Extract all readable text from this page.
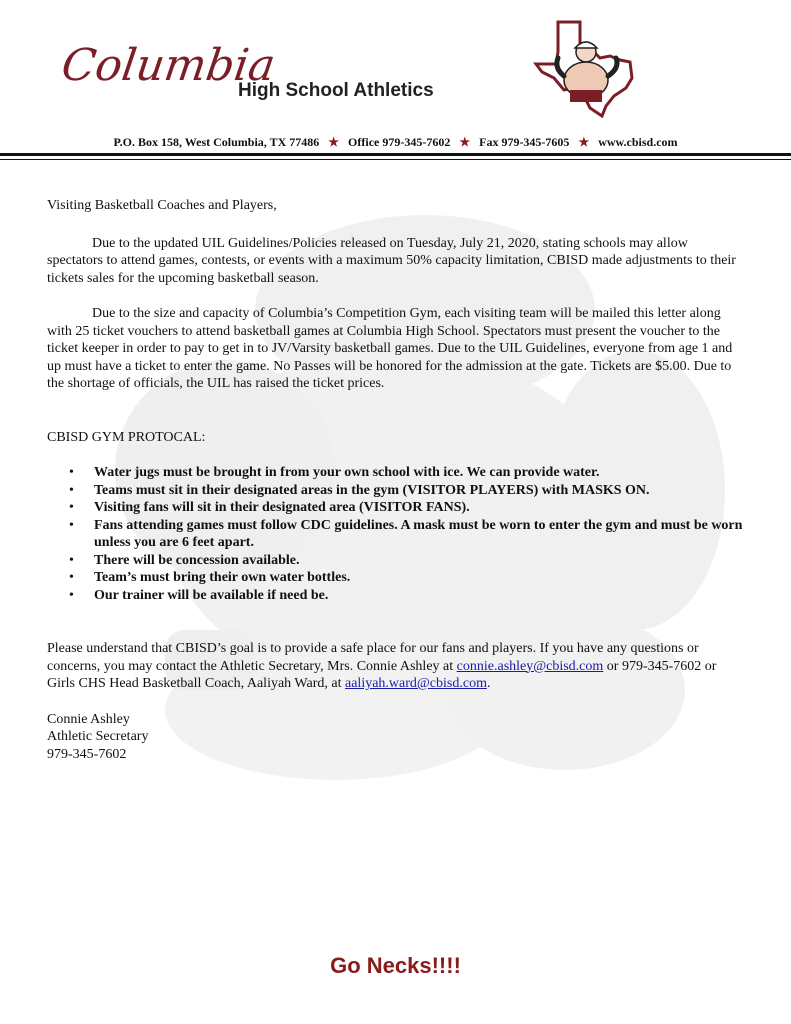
Columbia
High School Athletics
P.O. Box 158, West Columbia, TX 77486 ★ Office 979-345-7602 ★ Fax 979-345-7605 ★ www.cbisd.com

Visiting Basketball Coaches and Players,

Due to the updated UIL Guidelines/Policies released on Tuesday, July 21, 2020, stating schools may allow spectators to attend games, contests, or events with a maximum 50% capacity limitation, CBISD made adjustments to their tickets sales for the upcoming basketball season.

Due to the size and capacity of Columbia’s Competition Gym, each visiting team will be mailed this letter along with 25 ticket vouchers to attend basketball games at Columbia High School. Spectators must present the voucher to the ticket keeper in order to pay to get in to JV/Varsity basketball games. Due to the UIL Guidelines, everyone from age 1 and up must have a ticket to enter the game. No Passes will be honored for the admission at the gate. Tickets are $5.00. Due to the shortage of officials, the UIL has raised the ticket prices.

CBISD GYM PROTOCAL:

• Water jugs must be brought in from your own school with ice. We can provide water.
• Teams must sit in their designated areas in the gym (VISITOR PLAYERS) with MASKS ON.
• Visiting fans will sit in their designated area (VISITOR FANS).
• Fans attending games must follow CDC guidelines. A mask must be worn to enter the gym and must be worn unless you are 6 feet apart.
• There will be concession available.
• Team’s must bring their own water bottles.
• Our trainer will be available if need be.

Please understand that CBISD’s goal is to provide a safe place for our fans and players. If you have any questions or concerns, you may contact the Athletic Secretary, Mrs. Connie Ashley at connie.ashley@cbisd.com or 979-345-7602 or Girls CHS Head Basketball Coach, Aaliyah Ward, at aaliyah.ward@cbisd.com.

Connie Ashley

Athletic Secretary

979-345-7602

Go Necks!!!!
